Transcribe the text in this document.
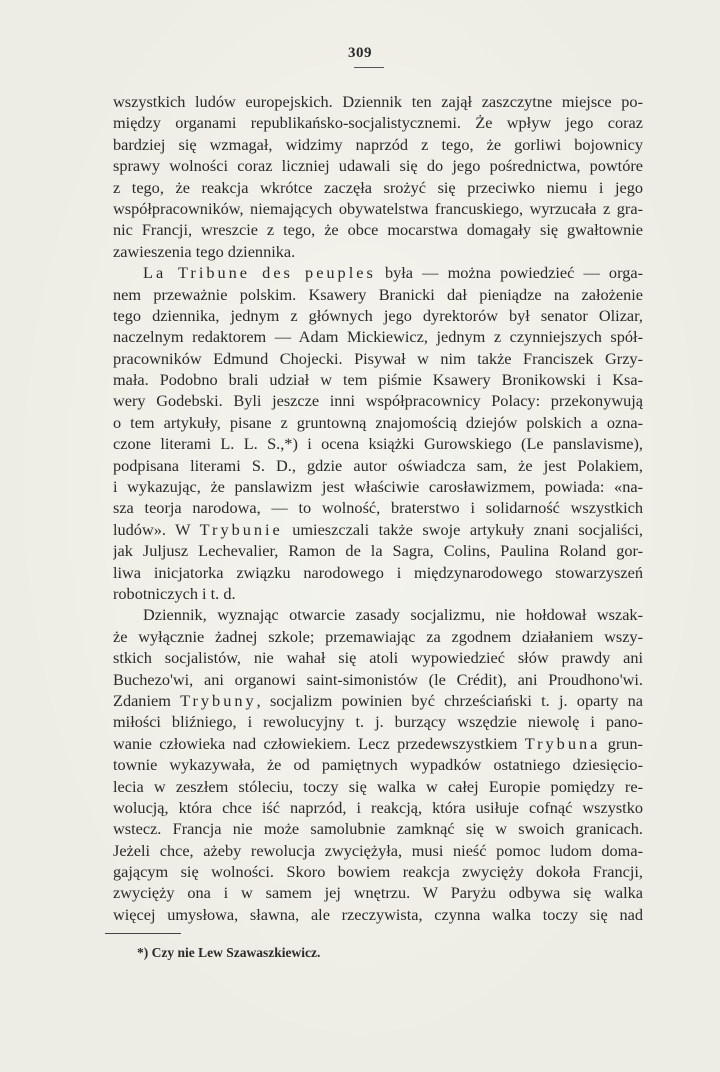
309
wszystkich ludów europejskich. Dziennik ten zajął zaszczytne miejsce po-
między organami republikańsko-socjalistycznemi. Że wpływ jego coraz
bardziej się wzmagał, widzimy naprzód z tego, że gorliwi bojownicy
sprawy wolności coraz liczniej udawali się do jego pośrednictwa, powtóre
z tego, że reakcja wkrótce zaczęła srożyć się przeciwko niemu i jego
współpracowników, niemających obywatelstwa francuskiego, wyrzucała z gra-
nic Francji, wreszcie z tego, że obce mocarstwa domagały się gwałtownie
zawieszenia tego dziennika.
La Tribune des peuples była — można powiedzieć — orga-
nem przeważnie polskim. Ksawery Branicki dał pieniądze na założenie
tego dziennika, jednym z głównych jego dyrektorów był senator Olizar,
naczelnym redaktorem — Adam Mickiewicz, jednym z czynniejszych spół-
pracowników Edmund Chojecki. Pisywał w nim także Franciszek Grzy-
mała. Podobno brali udział w tem piśmie Ksawery Bronikowski i Ksa-
wery Godebski. Byli jeszcze inni współpracownicy Polacy: przekonywują
o tem artykuły, pisane z gruntowną znajomością dziejów polskich a ozna-
czone literami L. L. S.,*) i ocena książki Gurowskiego (Le panslavisme),
podpisana literami S. D., gdzie autor oświadcza sam, że jest Polakiem,
i wykazując, że panslawizm jest właściwie carosławizmem, powiada: «na-
sza teorja narodowa, — to wolność, braterstwo i solidarność wszystkich
ludów». W Trybunie umieszczali także swoje artykuły znani socjaliści,
jak Juljusz Lechevalier, Ramon de la Sagra, Colins, Paulina Roland gor-
liwa inicjatorka związku narodowego i międzynarodowego stowarzyszeń
robotniczych i t. d.
Dziennik, wyznając otwarcie zasady socjalizmu, nie hołdował wszak-
że wyłącznie żadnej szkole; przemawiając za zgodnem działaniem wszy-
stkich socjalistów, nie wahał się atoli wypowiedzieć słów prawdy ani
Buchezo'wi, ani organowi saint-simonistów (le Crédit), ani Proudhono'wi.
Zdaniem Trybuny, socjalizm powinien być chrześciański t. j. oparty na
miłości bliźniego, i rewolucyjny t. j. burzący wszędzie niewolę i pano-
wanie człowieka nad człowiekiem. Lecz przedewszystkiem Trybuna grun-
townie wykazywała, że od pamiętnych wypadków ostatniego dziesięcio-
lecia w zeszłem stóleciu, toczy się walka w całej Europie pomiędzy re-
wolucją, która chce iść naprzód, i reakcją, która usiłuje cofnąć wszystko
wstecz. Francja nie może samolubnie zamknąć się w swoich granicach.
Jeżeli chce, ażeby rewolucja zwyciężyła, musi nieść pomoc ludom doma-
gającym się wolności. Skoro bowiem reakcja zwycięży dokoła Francji,
zwycięży ona i w samem jej wnętrzu. W Paryżu odbywa się walka
więcej umysłowa, sławna, ale rzeczywista, czynna walka toczy się nad
*) Czy nie Lew Szawaszkiewicz.
